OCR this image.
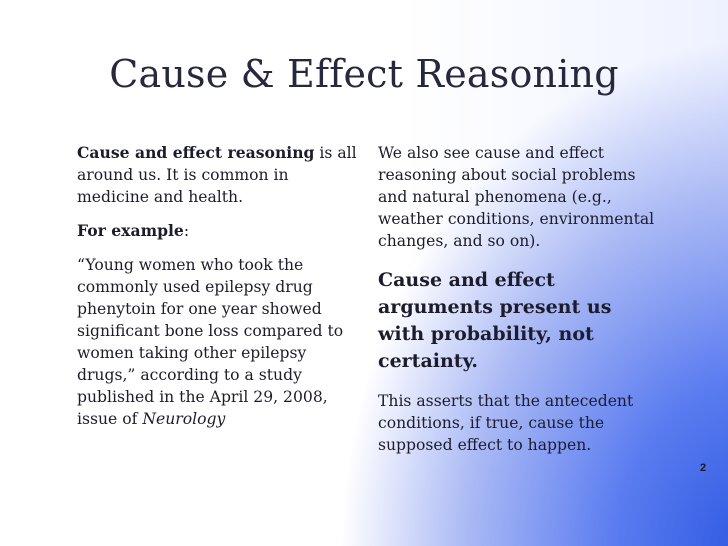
Cause & Effect Reasoning

Cause and effect reasoning is all around us. It is common in medicine and health.

For example:

“Young women who took the commonly used epilepsy drug phenytoin for one year showed significant bone loss compared to women taking other epilepsy drugs,” according to a study published in the April 29, 2008, issue of Neurology

We also see cause and effect reasoning about social problems and natural phenomena (e.g., weather conditions, environmental changes, and so on).

Cause and effect arguments present us with probability, not certainty.

This asserts that the antecedent conditions, if true, cause the supposed effect to happen.

2
